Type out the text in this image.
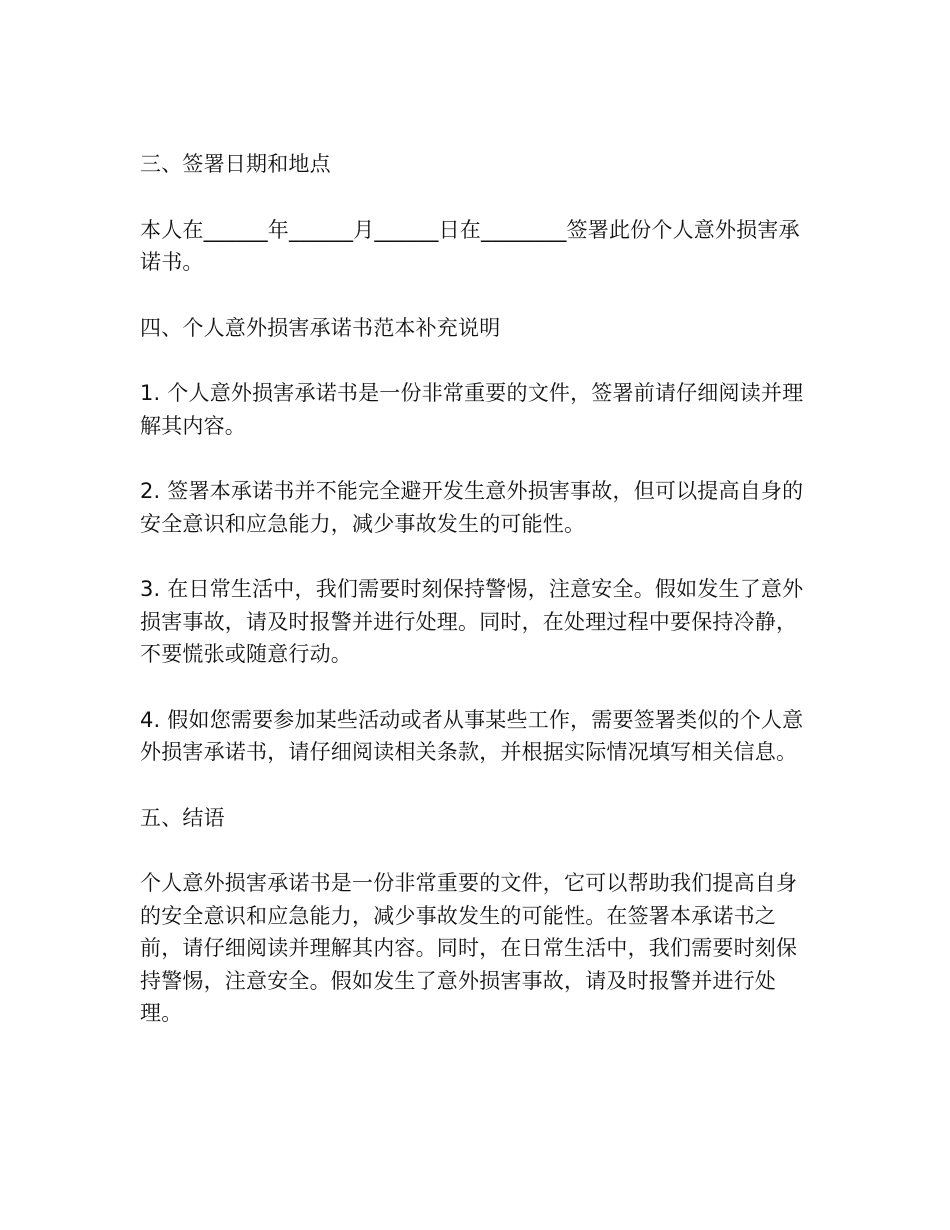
三、签署日期和地点

本人在______年______月______日在________签署此份个人意外损害承诺书。

四、个人意外损害承诺书范本补充说明

1. 个人意外损害承诺书是一份非常重要的文件，签署前请仔细阅读并理解其内容。

2. 签署本承诺书并不能完全避开发生意外损害事故，但可以提高自身的安全意识和应急能力，减少事故发生的可能性。

3. 在日常生活中，我们需要时刻保持警惕，注意安全。假如发生了意外损害事故，请及时报警并进行处理。同时，在处理过程中要保持冷静，不要慌张或随意行动。

4. 假如您需要参加某些活动或者从事某些工作，需要签署类似的个人意外损害承诺书，请仔细阅读相关条款，并根据实际情况填写相关信息。

五、结语

个人意外损害承诺书是一份非常重要的文件，它可以帮助我们提高自身的安全意识和应急能力，减少事故发生的可能性。在签署本承诺书之前，请仔细阅读并理解其内容。同时，在日常生活中，我们需要时刻保持警惕，注意安全。假如发生了意外损害事故，请及时报警并进行处理。
